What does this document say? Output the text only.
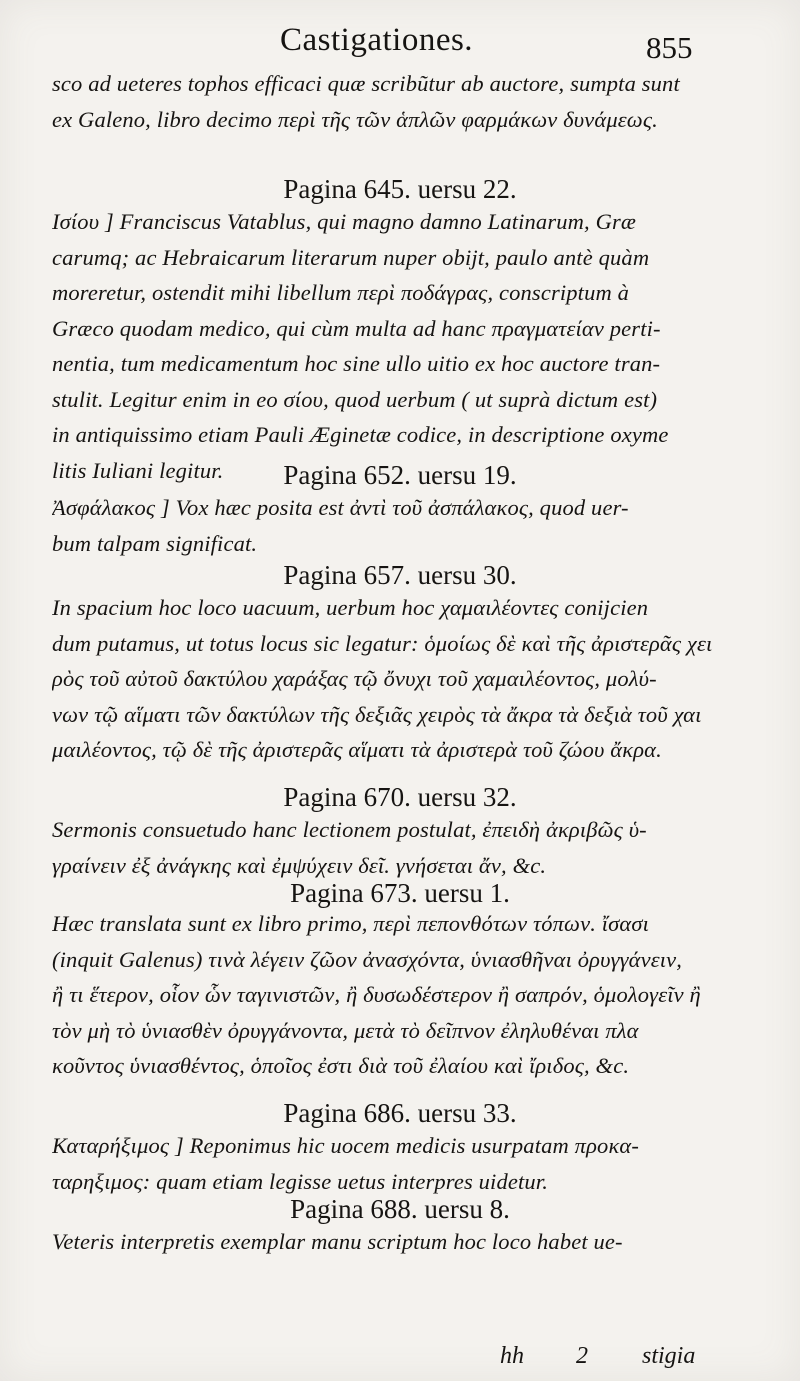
Castigationes.	855
sco ad ueteres tophos efficaci quæ scribũtur ab auctore, sumpta sunt
ex Galeno, libro decimo περὶ τῆς τῶν ἁπλῶν φαρμάκων δυνάμεως.
Pagina 645. uersu 22.
Ισίου ] Franciscus Vatablus, qui magno damno Latinarum, Græ
carumq; ac Hebraicarum literarum nuper obijt, paulo antè quàm
moreretur, ostendit mihi libellum περὶ ποδάγρας, conscriptum à
Græco quodam medico, qui cùm multa ad hanc πραγματείαν perti-
nentia, tum medicamentum hoc sine ullo uitio ex hoc auctore tran-
stulit. Legitur enim in eo σίου, quod uerbum ( ut suprà dictum est)
in antiquissimo etiam Pauli Æginetæ codice, in descriptione oxyme
litis Iuliani legitur.	Pagina 652. uersu 19.
Ἀσφάλακος ] Vox hæc posita est ἀντὶ τοῦ ἀσπάλακος, quod uer-
bum talpam significat.
Pagina 657. uersu 30.
In spacium hoc loco uacuum, uerbum hoc χαμαιλέοντες conijcien
dum putamus, ut totus locus sic legatur: ὁμοίως δὲ καὶ τῆς ἀριστερᾶς χει
ρὸς τοῦ αὐτοῦ δακτύλου χαράξας τῷ ὄνυχι τοῦ χαμαιλέοντος, μολύ-
νων τῷ αἵματι τῶν δακτύλων τῆς δεξιᾶς χειρὸς τὰ ἄκρα τὰ δεξιὰ τοῦ χαι
μαιλέοντος, τῷ δὲ τῆς ἀριστερᾶς αἵματι τὰ ἀριστερὰ τοῦ ζώου ἄκρα.
Pagina 670. uersu 32.
Sermonis consuetudo hanc lectionem postulat, ἐπειδὴ ἀκριβῶς ὑ-
γραίνειν ἐξ ἀνάγκης καὶ ἐμψύχειν δεῖ. γνήσεται ἄν, &c.
Pagina 673. uersu 1.
Hæc translata sunt ex libro primo, περὶ πεπονθότων τόπων. ἴσασι
(inquit Galenus) τινὰ λέγειν ζῶον ἀνασχόντα, ὑνιασθῆναι ὀρυγγάνειν,
ἢ τι ἕτερον, οἷον ὧν ταγινιστῶν, ἢ δυσωδέστερον ἢ σαπρόν, ὁμολογεῖν ἢ
τὸν μὴ τὸ ὑνιασθὲν ὀρυγγάνοντα, μετὰ τὸ δεῖπνον ἐληλυθέναι πλα
κοῦντος ὑνιασθέντος, ὁποῖος ἐστι διὰ τοῦ ἐλαίου καὶ ἴριδος, &c.
Pagina 686. uersu 33.
Καταρήξιμος ] Reponimus hic uocem medicis usurpatam προκα-
ταρηξιμος: quam etiam legisse uetus interpres uidetur.
Pagina 688. uersu 8.
Veteris interpretis exemplar manu scriptum hoc loco habet ue-
hh 2 stigia
